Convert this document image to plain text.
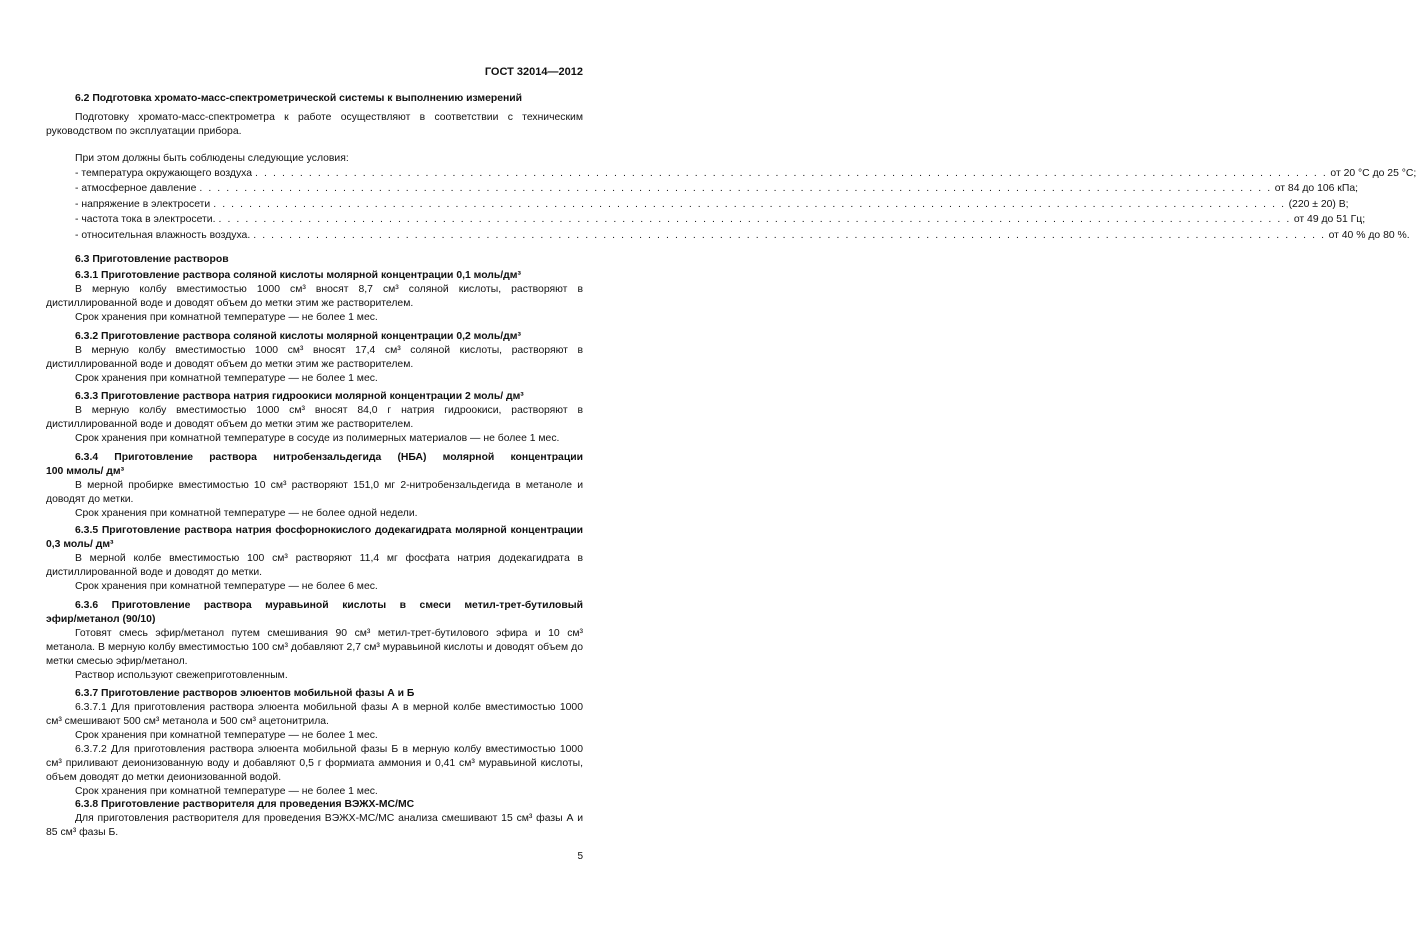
ГОСТ 32014—2012

6.2 Подготовка хромато-масс-спектрометрической системы к выполнению измерений

Подготовку хромато-масс-спектрометра к работе осуществляют в соответствии с техническим руководством по эксплуатации прибора.

При этом должны быть соблюдены следующие условия:

- температура окружающего воздуха . . . . . . . . . . . . . . . . . . . . . . . . . . . . . . . . . . . . . . . . . . . . . . . . . . . . . . . . . . . . . . . . . . . . . . . . . . . . . . . . . . . . . . . . . . . . . . . . . . . . . . . . . . . . . . . . . . . . . . . . от 20 °С до 25 °С;
- атмосферное давление . . . . . . . . . . . . . . . . . . . . . . . . . . . . . . . . . . . . . . . . . . . . . . . . . . . . . . . . . . . . . . . . . . . . . . . . . . . . . . . . . . . . . . . . . . . . . . . . . . . . . . . . . . . . . . . . . . . . . . . . от 84 до 106 кПа;
- напряжение в электросети . . . . . . . . . . . . . . . . . . . . . . . . . . . . . . . . . . . . . . . . . . . . . . . . . . . . . . . . . . . . . . . . . . . . . . . . . . . . . . . . . . . . . . . . . . . . . . . . . . . . . . . . . . . . . . . . . . . . . . . . (220 ± 20) В;
- частота тока в электросети. . . . . . . . . . . . . . . . . . . . . . . . . . . . . . . . . . . . . . . . . . . . . . . . . . . . . . . . . . . . . . . . . . . . . . . . . . . . . . . . . . . . . . . . . . . . . . . . . . . . . . . . . . . . . . . . . . . . . . . . . от 49 до 51 Гц;
- относительная влажность воздуха. . . . . . . . . . . . . . . . . . . . . . . . . . . . . . . . . . . . . . . . . . . . . . . . . . . . . . . . . . . . . . . . . . . . . . . . . . . . . . . . . . . . . . . . . . . . . . . . . . . . . . . . . . . . . . . . . . . . . . . . . от 40 % до 80 %.

6.3 Приготовление растворов

6.3.1 Приготовление раствора соляной кислоты молярной концентрации 0,1 моль/дм³

В мерную колбу вместимостью 1000 см³ вносят 8,7 см³ соляной кислоты, растворяют в дистиллированной воде и доводят объем до метки этим же растворителем.

Срок хранения при комнатной температуре — не более 1 мес.

6.3.2 Приготовление раствора соляной кислоты молярной концентрации 0,2 моль/дм³

В мерную колбу вместимостью 1000 см³ вносят 17,4 см³ соляной кислоты, растворяют в дистиллированной воде и доводят объем до метки этим же растворителем.

Срок хранения при комнатной температуре — не более 1 мес.

6.3.3 Приготовление раствора натрия гидроокиси молярной концентрации 2 моль/ дм³

В мерную колбу вместимостью 1000 см³ вносят 84,0 г натрия гидроокиси, растворяют в дистиллированной воде и доводят объем до метки этим же растворителем.

Срок хранения при комнатной температуре в сосуде из полимерных материалов — не более 1 мес.

6.3.4 Приготовление раствора нитробензальдегида (НБА) молярной концентрации

100 ммоль/ дм³

В мерной пробирке вместимостью 10 см³ растворяют 151,0 мг 2-нитробензальдегида в метаноле и доводят до метки.

Срок хранения при комнатной температуре — не более одной недели.

6.3.5 Приготовление раствора натрия фосфорнокислого додекагидрата молярной концентрации 0,3 моль/ дм³

В мерной колбе вместимостью 100 см³ растворяют 11,4 мг фосфата натрия додекагидрата в дистиллированной воде и доводят до метки.

Срок хранения при комнатной температуре — не более 6 мес.

6.3.6 Приготовление раствора муравьиной кислоты в смеси метил-трет-бутиловый

эфир/метанол (90/10)

Готовят смесь эфир/метанол путем смешивания 90 см³ метил-трет-бутилового эфира и 10 см³ метанола. В мерную колбу вместимостью 100 см³ добавляют 2,7 см³ муравьиной кислоты и доводят объем до метки смесью эфир/метанол.

Раствор используют свежеприготовленным.

6.3.7 Приготовление растворов элюентов мобильной фазы А и Б

6.3.7.1 Для приготовления раствора элюента мобильной фазы А в мерной колбе вместимостью 1000 см³ смешивают 500 см³ метанола и 500 см³ ацетонитрила.

Срок хранения при комнатной температуре — не более 1 мес.

6.3.7.2 Для приготовления раствора элюента мобильной фазы Б в мерную колбу вместимостью 1000 см³ приливают деионизованную воду и добавляют 0,5 г формиата аммония и 0,41 см³ муравьиной кислоты, объем доводят до метки деионизованной водой.

Срок хранения при комнатной температуре — не более 1 мес.

6.3.8 Приготовление растворителя для проведения ВЭЖХ-МС/МС

Для приготовления растворителя для проведения ВЭЖХ-МС/МС анализа смешивают 15 см³ фазы А и 85 см³ фазы Б.

5
